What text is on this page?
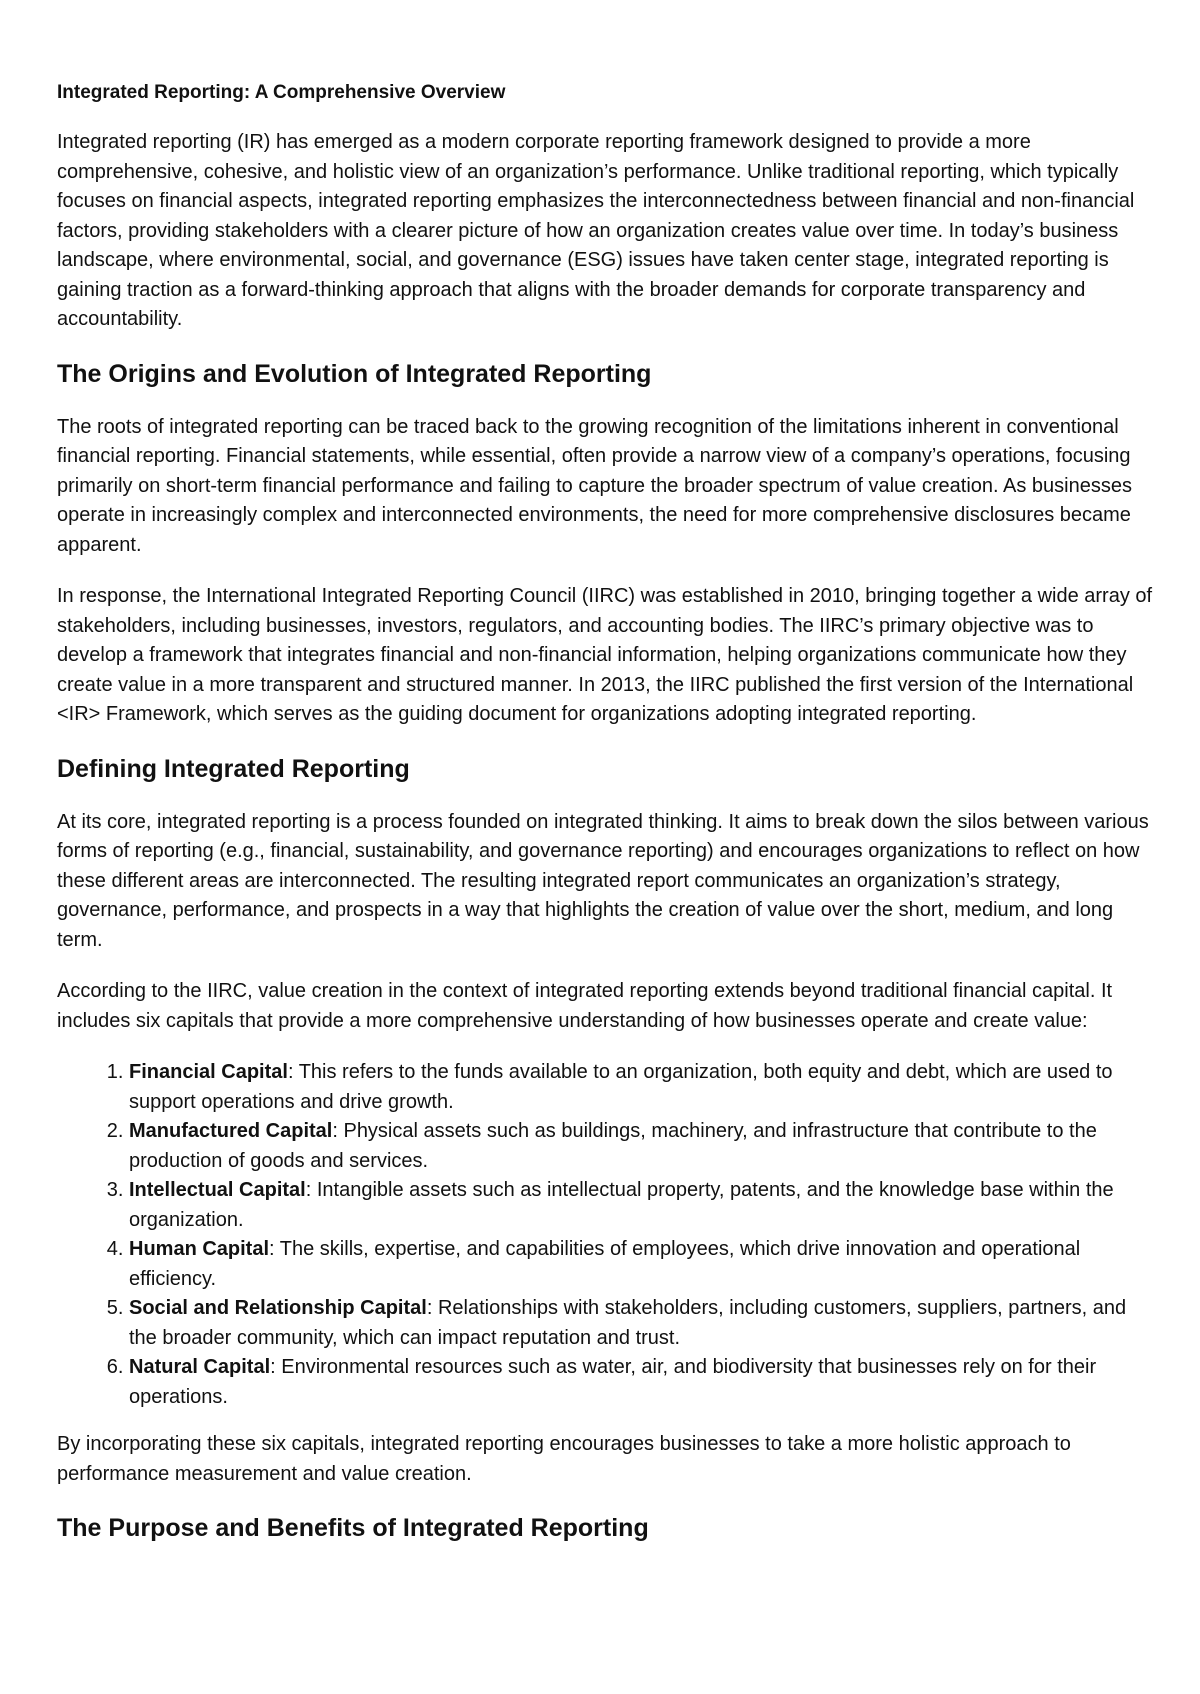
Integrated Reporting: A Comprehensive Overview

Integrated reporting (IR) has emerged as a modern corporate reporting framework designed to provide a more comprehensive, cohesive, and holistic view of an organization’s performance. Unlike traditional reporting, which typically focuses on financial aspects, integrated reporting emphasizes the interconnectedness between financial and non-financial factors, providing stakeholders with a clearer picture of how an organization creates value over time. In today’s business landscape, where environmental, social, and governance (ESG) issues have taken center stage, integrated reporting is gaining traction as a forward-thinking approach that aligns with the broader demands for corporate transparency and accountability.

The Origins and Evolution of Integrated Reporting

The roots of integrated reporting can be traced back to the growing recognition of the limitations inherent in conventional financial reporting. Financial statements, while essential, often provide a narrow view of a company’s operations, focusing primarily on short-term financial performance and failing to capture the broader spectrum of value creation. As businesses operate in increasingly complex and interconnected environments, the need for more comprehensive disclosures became apparent.

In response, the International Integrated Reporting Council (IIRC) was established in 2010, bringing together a wide array of stakeholders, including businesses, investors, regulators, and accounting bodies. The IIRC’s primary objective was to develop a framework that integrates financial and non-financial information, helping organizations communicate how they create value in a more transparent and structured manner. In 2013, the IIRC published the first version of the International <IR> Framework, which serves as the guiding document for organizations adopting integrated reporting.

Defining Integrated Reporting

At its core, integrated reporting is a process founded on integrated thinking. It aims to break down the silos between various forms of reporting (e.g., financial, sustainability, and governance reporting) and encourages organizations to reflect on how these different areas are interconnected. The resulting integrated report communicates an organization’s strategy, governance, performance, and prospects in a way that highlights the creation of value over the short, medium, and long term.

According to the IIRC, value creation in the context of integrated reporting extends beyond traditional financial capital. It includes six capitals that provide a more comprehensive understanding of how businesses operate and create value:

1. Financial Capital: This refers to the funds available to an organization, both equity and debt, which are used to support operations and drive growth.
2. Manufactured Capital: Physical assets such as buildings, machinery, and infrastructure that contribute to the production of goods and services.
3. Intellectual Capital: Intangible assets such as intellectual property, patents, and the knowledge base within the organization.
4. Human Capital: The skills, expertise, and capabilities of employees, which drive innovation and operational efficiency.
5. Social and Relationship Capital: Relationships with stakeholders, including customers, suppliers, partners, and the broader community, which can impact reputation and trust.
6. Natural Capital: Environmental resources such as water, air, and biodiversity that businesses rely on for their operations.

By incorporating these six capitals, integrated reporting encourages businesses to take a more holistic approach to performance measurement and value creation.

The Purpose and Benefits of Integrated Reporting
